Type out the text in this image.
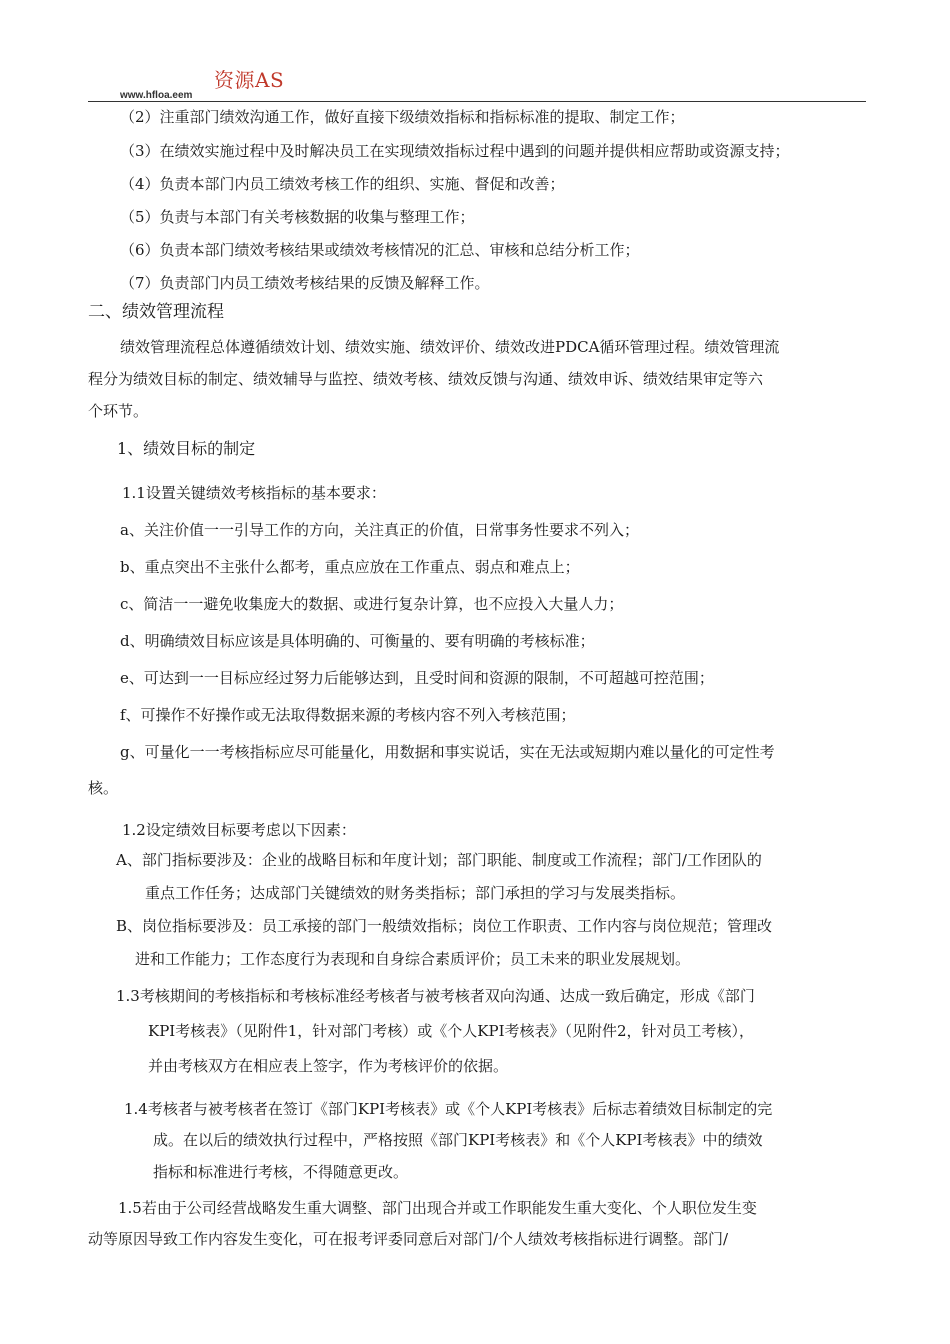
资源AS
www.hfloa.eem
（2）注重部门绩效沟通工作，做好直接下级绩效指标和指标标准的提取、制定工作；
（3）在绩效实施过程中及时解决员工在实现绩效指标过程中遇到的问题并提供相应帮助或资源支持；
（4）负责本部门内员工绩效考核工作的组织、实施、督促和改善；
（5）负责与本部门有关考核数据的收集与整理工作；
（6）负责本部门绩效考核结果或绩效考核情况的汇总、审核和总结分析工作；
（7）负责部门内员工绩效考核结果的反馈及解释工作。
二、绩效管理流程
绩效管理流程总体遵循绩效计划、绩效实施、绩效评价、绩效改进PDCA循环管理过程。绩效管理流
程分为绩效目标的制定、绩效辅导与监控、绩效考核、绩效反馈与沟通、绩效申诉、绩效结果审定等六
个环节。
1、绩效目标的制定
1.1设置关键绩效考核指标的基本要求：
a、关注价值一一引导工作的方向，关注真正的价值，日常事务性要求不列入；
b、重点突出不主张什么都考，重点应放在工作重点、弱点和难点上；
c、简洁一一避免收集庞大的数据、或进行复杂计算，也不应投入大量人力；
d、明确绩效目标应该是具体明确的、可衡量的、要有明确的考核标准；
e、可达到一一目标应经过努力后能够达到，且受时间和资源的限制，不可超越可控范围；
f、可操作不好操作或无法取得数据来源的考核内容不列入考核范围；
g、可量化一一考核指标应尽可能量化，用数据和事实说话，实在无法或短期内难以量化的可定性考
核。
1.2设定绩效目标要考虑以下因素：
A、部门指标要涉及：企业的战略目标和年度计划；部门职能、制度或工作流程；部门/工作团队的
重点工作任务；达成部门关键绩效的财务类指标；部门承担的学习与发展类指标。
B、岗位指标要涉及：员工承接的部门一般绩效指标；岗位工作职责、工作内容与岗位规范；管理改
进和工作能力；工作态度行为表现和自身综合素质评价；员工未来的职业发展规划。
1.3考核期间的考核指标和考核标准经考核者与被考核者双向沟通、达成一致后确定，形成《部门
KPI考核表》（见附件1，针对部门考核）或《个人KPI考核表》（见附件2，针对员工考核），
并由考核双方在相应表上签字，作为考核评价的依据。
1.4考核者与被考核者在签订《部门KPI考核表》或《个人KPI考核表》后标志着绩效目标制定的完
成。在以后的绩效执行过程中，严格按照《部门KPI考核表》和《个人KPI考核表》中的绩效
指标和标准进行考核，不得随意更改。
1.5若由于公司经营战略发生重大调整、部门出现合并或工作职能发生重大变化、个人职位发生变
动等原因导致工作内容发生变化，可在报考评委同意后对部门/个人绩效考核指标进行调整。部门/
